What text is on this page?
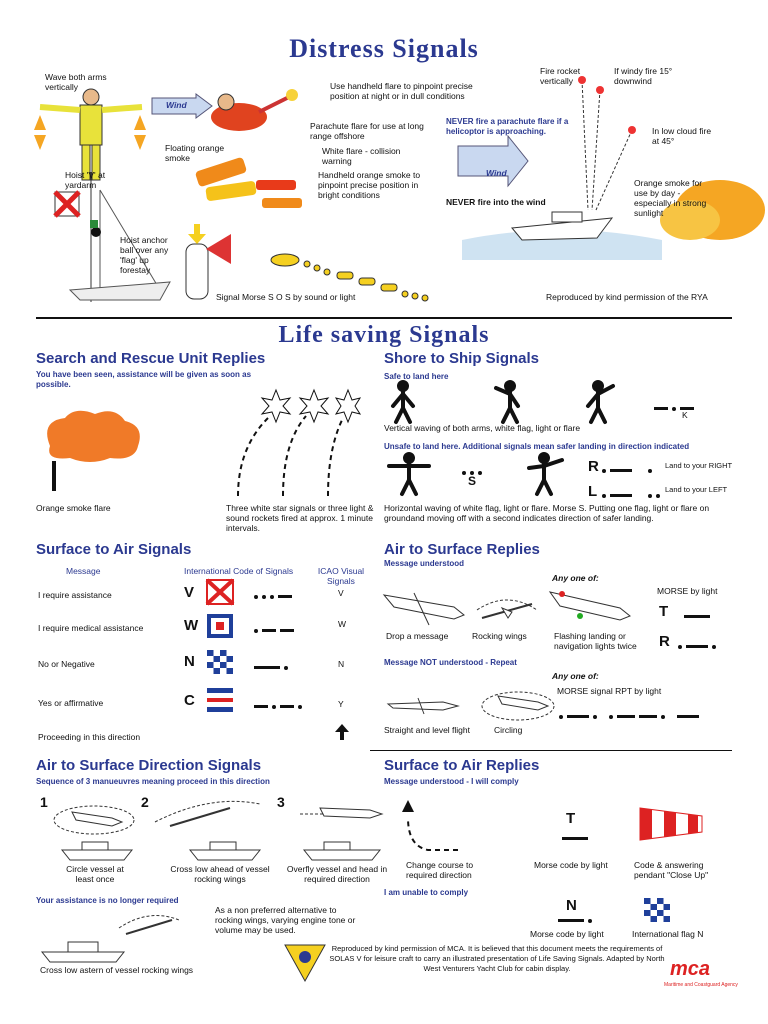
Distress Signals
Wave both arms vertically
Wind
Use handheld flare to pinpoint precise position at night or in dull conditions
Parachute flare for use at long range offshore
Floating orange smoke
White flare - collision warning
Handheld orange smoke to pinpoint precise position in bright conditions
Hoist 'V' at yardarm
Hoist anchor ball over any 'flag' up forestay
Signal Morse S O S by sound or light
Fire rocket vertically
If windy fire 15° downwind
NEVER fire a parachute flare if a helicoptor is approaching.	In low cloud fire at 45°
Wind
Orange smoke for use by day - especially in strong sunlight
NEVER fire into the wind
Reproduced by kind permission of the RYA
Life saving Signals
Search and Rescue Unit Replies
You have been seen, assistance will be given as soon as possible.
Orange smoke flare	Three white star signals or three light & sound rockets fired at approx. 1 minute intervals.
Shore to Ship Signals
Safe to land here
K
Vertical waving of both arms, white flag, light or flare
Unsafe to land here. Additional signals mean safer landing in direction indicated
S
R	Land to your RIGHT
L	Land to your LEFT
Horizontal waving of white flag, light or flare. Morse S. Putting one flag, light or flare on groundand moving off with a second indicates direction of safer landing.
Surface to Air Signals
Message	International Code of Signals	ICAO Visual Signals
I require assistance	V	V
I require medical assistance	W	W
No or Negative	N	N
Yes or affirmative	C	Y
Proceeding in this direction
Air to Surface Replies
Message understood
Any one of:
Drop a message	Rocking wings	Flashing landing or navigation lights twice
MORSE by light
T
R
Message NOT understood - Repeat
Any one of:
MORSE signal RPT by light
Straight and level flight	Circling
Air to Surface Direction Signals
Sequence of 3 manueuvres meaning proceed in this direction
1	2	3
Circle vessel at least once
Cross low ahead of vessel rocking wings
Overfly vessel and head in required direction
Your assistance is no longer required
As a non preferred alternative to rocking wings, varying engine tone or volume may be used.
Cross low astern of vessel rocking wings
Surface to Air Replies
Message understood - I will comply
Change course to required direction
T
Morse code by light	Code & answering pendant "Close Up"
I am unable to comply
N
Morse code by light	International flag N
Reproduced by kind permission of MCA. It is believed that this document meets the requirements of SOLAS V for leisure craft to carry an illustrated presentation of Life Saving Signals. Adapted by North West Venturers Yacht Club for cabin display.	mca
Maritime and Coastguard Agency
